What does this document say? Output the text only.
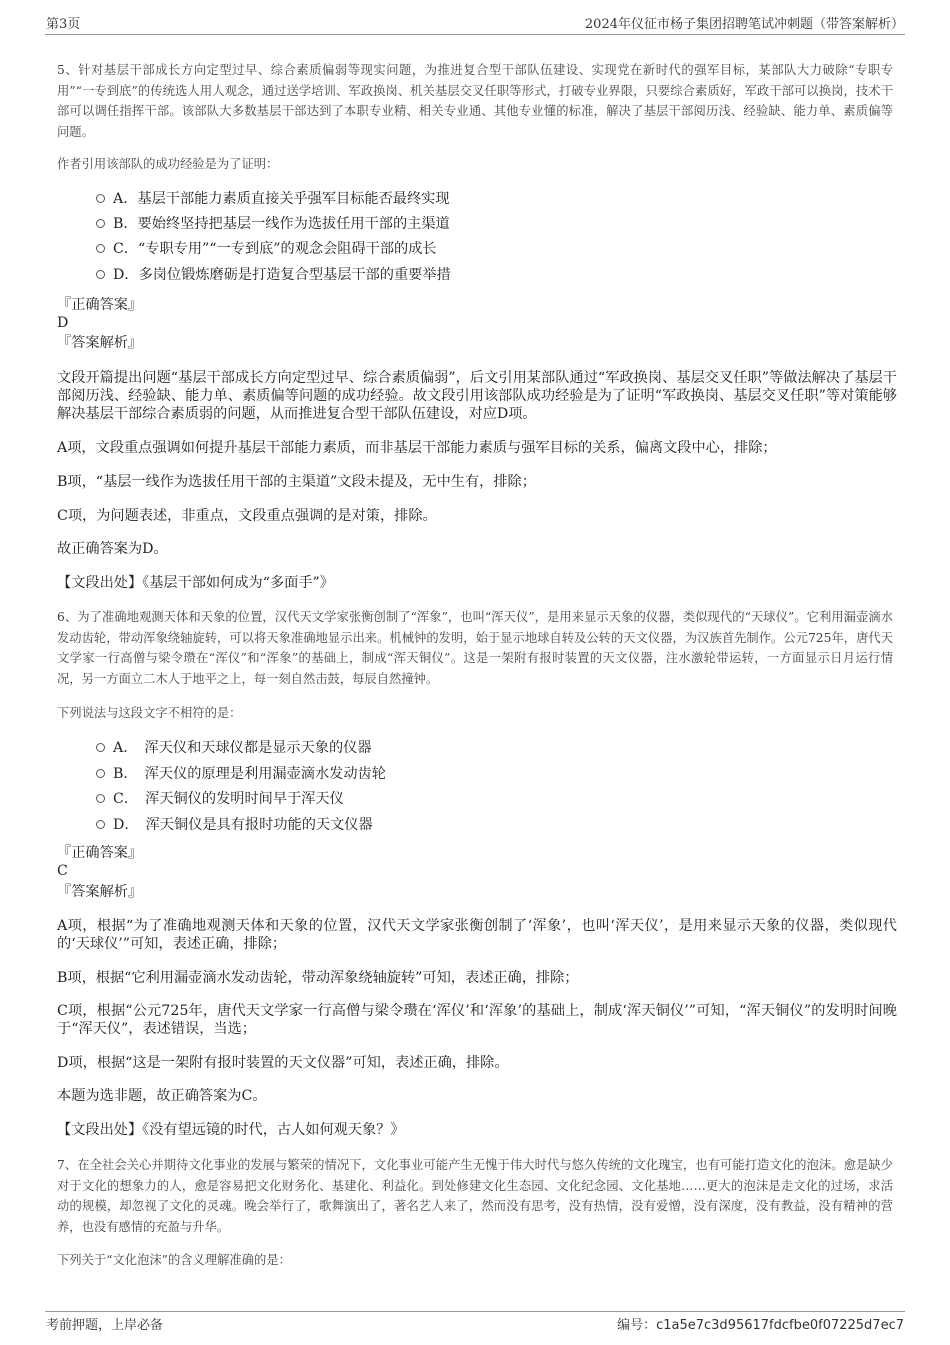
第3页	2024年仪征市杨子集团招聘笔试冲刺题（带答案解析）
5、针对基层干部成长方向定型过早、综合素质偏弱等现实问题，为推进复合型干部队伍建设、实现党在新时代的强军目标，某部队大力破除“专职专用”“一专到底”的传统选人用人观念，通过送学培训、军政换岗、机关基层交叉任职等形式，打破专业界限，只要综合素质好，军政干部可以换岗，技术干部可以调任指挥干部。该部队大多数基层干部达到了本职专业精、相关专业通、其他专业懂的标准，解决了基层干部阅历浅、经验缺、能力单、素质偏等问题。
作者引用该部队的成功经验是为了证明：
A．基层干部能力素质直接关乎强军目标能否最终实现
B．要始终坚持把基层一线作为选拔任用干部的主渠道
C．“专职专用”“一专到底”的观念会阻碍干部的成长
D．多岗位锻炼磨砺是打造复合型基层干部的重要举措
『正确答案』
D
『答案解析』
文段开篇提出问题“基层干部成长方向定型过早、综合素质偏弱”，后文引用某部队通过“军政换岗、基层交叉任职”等做法解决了基层干部阅历浅、经验缺、能力单、素质偏等问题的成功经验。故文段引用该部队成功经验是为了证明“军政换岗、基层交叉任职”等对策能够解决基层干部综合素质弱的问题，从而推进复合型干部队伍建设，对应D项。
A项，文段重点强调如何提升基层干部能力素质，而非基层干部能力素质与强军目标的关系，偏离文段中心，排除；
B项，“基层一线作为选拔任用干部的主渠道”文段未提及，无中生有，排除；
C项，为问题表述，非重点，文段重点强调的是对策，排除。
故正确答案为D。
【文段出处】《基层干部如何成为“多面手”》
6、为了准确地观测天体和天象的位置，汉代天文学家张衡创制了“浑象”，也叫“浑天仪”，是用来显示天象的仪器，类似现代的“天球仪”。它利用漏壶滴水发动齿轮，带动浑象绕轴旋转，可以将天象准确地显示出来。机械钟的发明，始于显示地球自转及公转的天文仪器，为汉族首先制作。公元725年，唐代天文学家一行高僧与梁令瓒在“浑仪”和“浑象”的基础上，制成“浑天铜仪”。这是一架附有报时装置的天文仪器，注水激轮带运转，一方面显示日月运行情况，另一方面立二木人于地平之上，每一刻自然击鼓，每辰自然撞钟。
下列说法与这段文字不相符的是：
A．　浑天仪和天球仪都是显示天象的仪器
B．　浑天仪的原理是利用漏壶滴水发动齿轮
C．　浑天铜仪的发明时间早于浑天仪
D．　浑天铜仪是具有报时功能的天文仪器
『正确答案』
C
『答案解析』
A项，根据“为了准确地观测天体和天象的位置，汉代天文学家张衡创制了‘浑象’，也叫‘浑天仪’，是用来显示天象的仪器，类似现代的‘天球仪’”可知，表述正确，排除；
B项，根据“它利用漏壶滴水发动齿轮，带动浑象绕轴旋转”可知，表述正确，排除；
C项，根据“公元725年，唐代天文学家一行高僧与梁令瓒在‘浑仪’和‘浑象’的基础上，制成‘浑天铜仪’”可知，“浑天铜仪”的发明时间晚于“浑天仪”，表述错误，当选；
D项，根据“这是一架附有报时装置的天文仪器”可知，表述正确，排除。
本题为选非题，故正确答案为C。
【文段出处】《没有望远镜的时代，古人如何观天象？》
7、在全社会关心并期待文化事业的发展与繁荣的情况下，文化事业可能产生无愧于伟大时代与悠久传统的文化瑰宝，也有可能打造文化的泡沫。愈是缺少对于文化的想象力的人，愈是容易把文化财务化、基建化、利益化。到处修建文化生态园、文化纪念园、文化基地……更大的泡沫是走文化的过场，求活动的规模，却忽视了文化的灵魂。晚会举行了，歌舞演出了，著名艺人来了，然而没有思考，没有热情，没有爱憎，没有深度，没有教益，没有精神的营养，也没有感情的充盈与升华。
下列关于“文化泡沫”的含义理解准确的是：
考前押题，上岸必备	编号：c1a5e7c3d95617fdcfbe0f07225d7ec7
